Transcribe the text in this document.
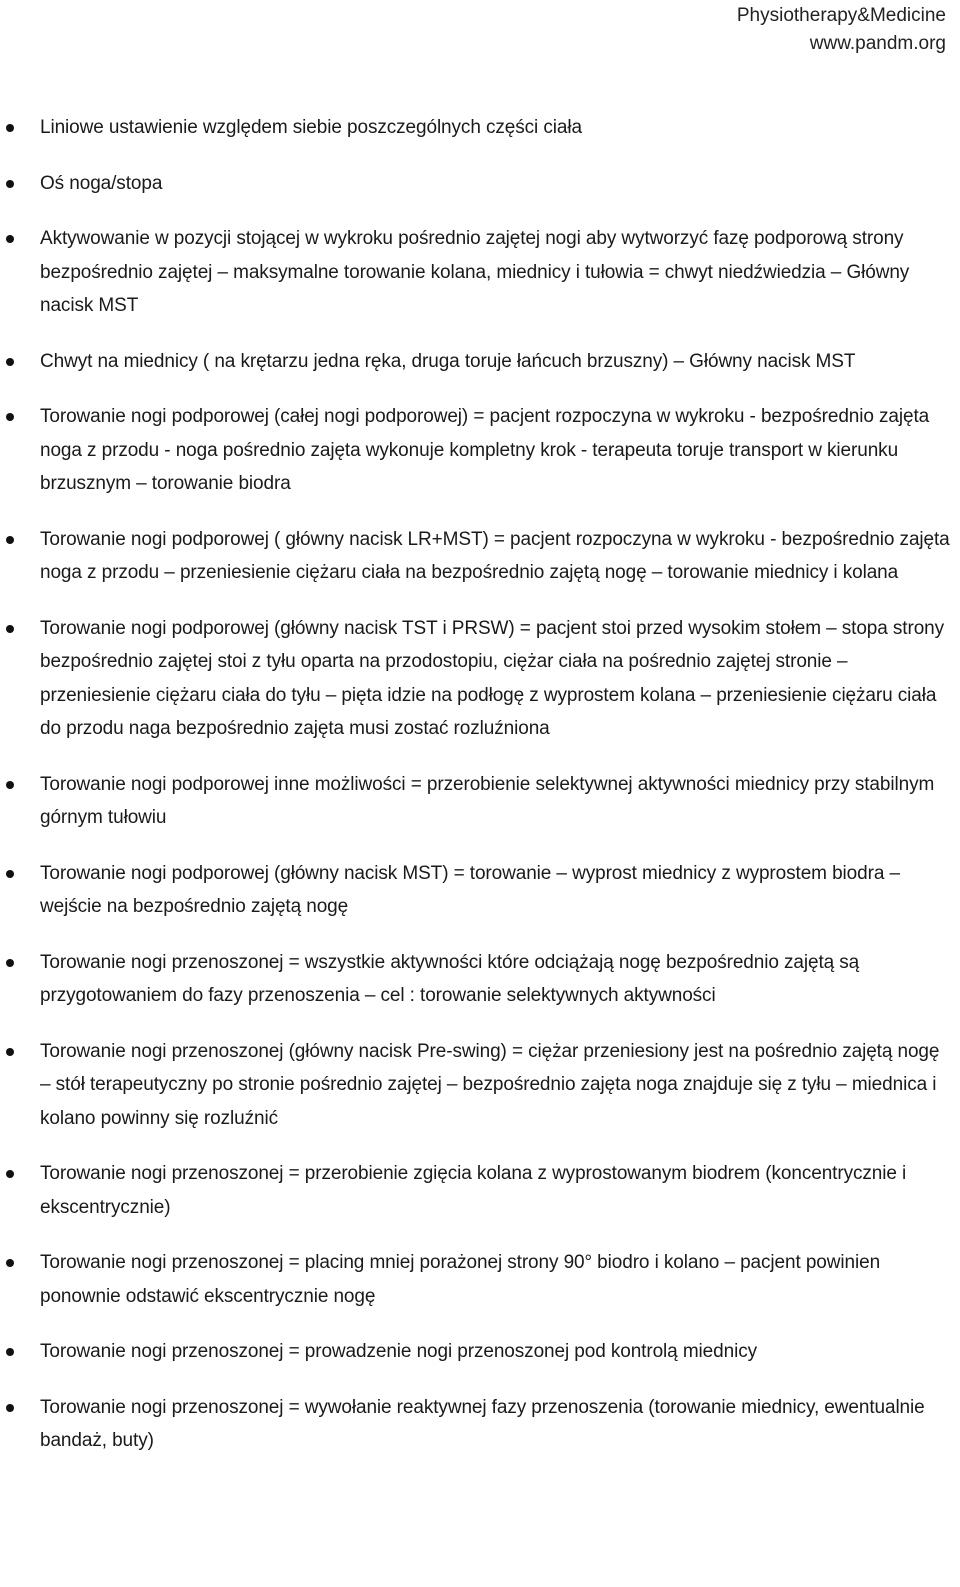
Physiotherapy&Medicine
www.pandm.org
Liniowe ustawienie względem siebie poszczególnych części ciała
Oś noga/stopa
Aktywowanie w pozycji stojącej w wykroku pośrednio zajętej nogi aby wytworzyć fazę podporową strony bezpośrednio zajętej – maksymalne torowanie kolana, miednicy i tułowia = chwyt niedźwiedzia – Główny nacisk MST
Chwyt na miednicy ( na krętarzu jedna ręka, druga toruje łańcuch brzuszny) – Główny nacisk MST
Torowanie nogi podporowej (całej nogi podporowej) = pacjent rozpoczyna w wykroku - bezpośrednio zajęta noga z przodu - noga pośrednio zajęta wykonuje kompletny krok - terapeuta toruje transport w kierunku brzusznym – torowanie biodra
Torowanie nogi podporowej ( główny nacisk LR+MST) = pacjent rozpoczyna w wykroku - bezpośrednio zajęta noga z przodu – przeniesienie ciężaru ciała na bezpośrednio zajętą nogę – torowanie miednicy i kolana
Torowanie nogi podporowej (główny nacisk TST i PRSW) = pacjent stoi przed wysokim stołem – stopa strony bezpośrednio zajętej stoi z tyłu oparta na przodostopiu, ciężar ciała na pośrednio zajętej stronie – przeniesienie ciężaru ciała do tyłu – pięta idzie na podłogę z wyprostem kolana – przeniesienie ciężaru ciała do przodu naga bezpośrednio zajęta musi zostać rozluźniona
Torowanie nogi podporowej inne możliwości = przerobienie selektywnej aktywności miednicy przy stabilnym górnym tułowiu
Torowanie nogi podporowej (główny nacisk MST) = torowanie – wyprost miednicy z wyprostem biodra – wejście na bezpośrednio zajętą nogę
Torowanie nogi przenoszonej = wszystkie aktywności które odciążają nogę bezpośrednio zajętą są przygotowaniem do fazy przenoszenia – cel : torowanie selektywnych aktywności
Torowanie nogi przenoszonej (główny nacisk Pre-swing) = ciężar przeniesiony jest na pośrednio zajętą nogę – stół terapeutyczny po stronie pośrednio zajętej – bezpośrednio zajęta noga znajduje się z tyłu – miednica i kolano powinny się rozluźnić
Torowanie nogi przenoszonej = przerobienie zgięcia kolana z wyprostowanym biodrem (koncentrycznie i ekscentrycznie)
Torowanie nogi przenoszonej = placing mniej porażonej strony 90° biodro i kolano – pacjent powinien ponownie odstawić ekscentrycznie nogę
Torowanie nogi przenoszonej = prowadzenie nogi przenoszonej pod kontrolą miednicy
Torowanie nogi przenoszonej = wywołanie reaktywnej fazy przenoszenia (torowanie miednicy, ewentualnie bandaż, buty)
